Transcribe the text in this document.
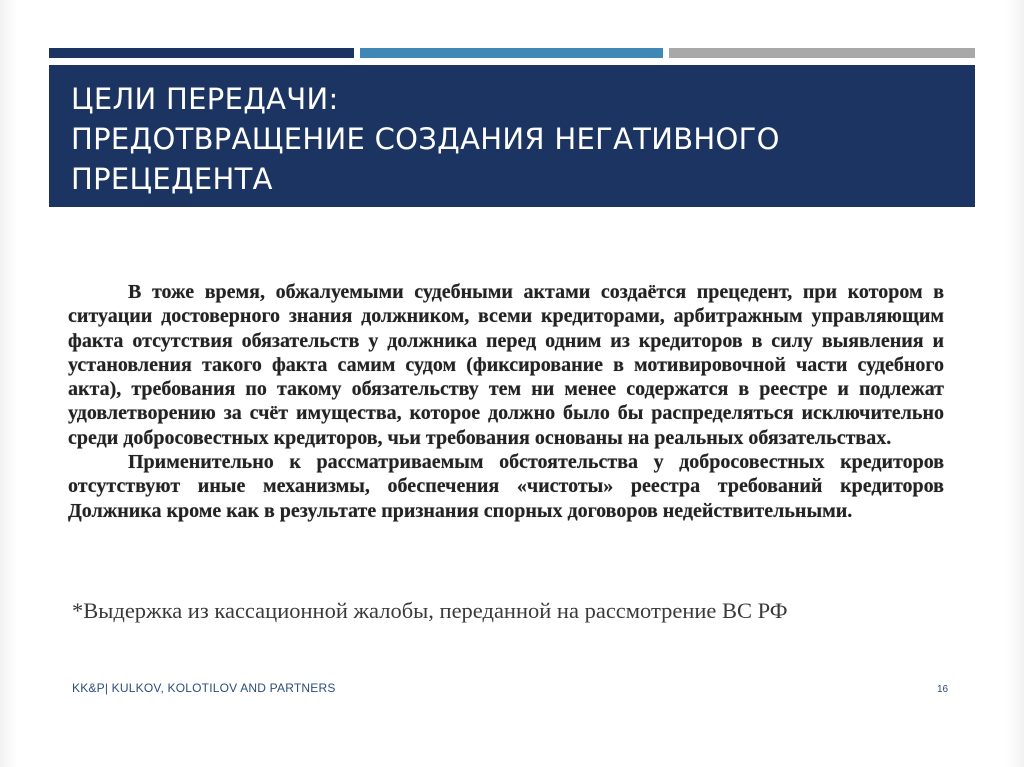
ЦЕЛИ ПЕРЕДАЧИ:
ПРЕДОТВРАЩЕНИЕ СОЗДАНИЯ НЕГАТИВНОГО
ПРЕЦЕДЕНТА

В тоже время, обжалуемыми судебными актами создаётся прецедент, при котором в ситуации достоверного знания должником, всеми кредиторами, арбитражным управляющим факта отсутствия обязательств у должника перед одним из кредиторов в силу выявления и установления такого факта самим судом (фиксирование в мотивировочной части судебного акта), требования по такому обязательству тем ни менее содержатся в реестре и подлежат удовлетворению за счёт имущества, которое должно было бы распределяться исключительно среди добросовестных кредиторов, чьи требования основаны на реальных обязательствах.

Применительно к рассматриваемым обстоятельства у добросовестных кредиторов отсутствуют иные механизмы, обеспечения «чистоты» реестра требований кредиторов Должника кроме как в результате признания спорных договоров недействительными.

*Выдержка из кассационной жалобы, переданной на рассмотрение ВС РФ
KK&P| KULKOV, KOLOTILOV AND PARTNERS	16
